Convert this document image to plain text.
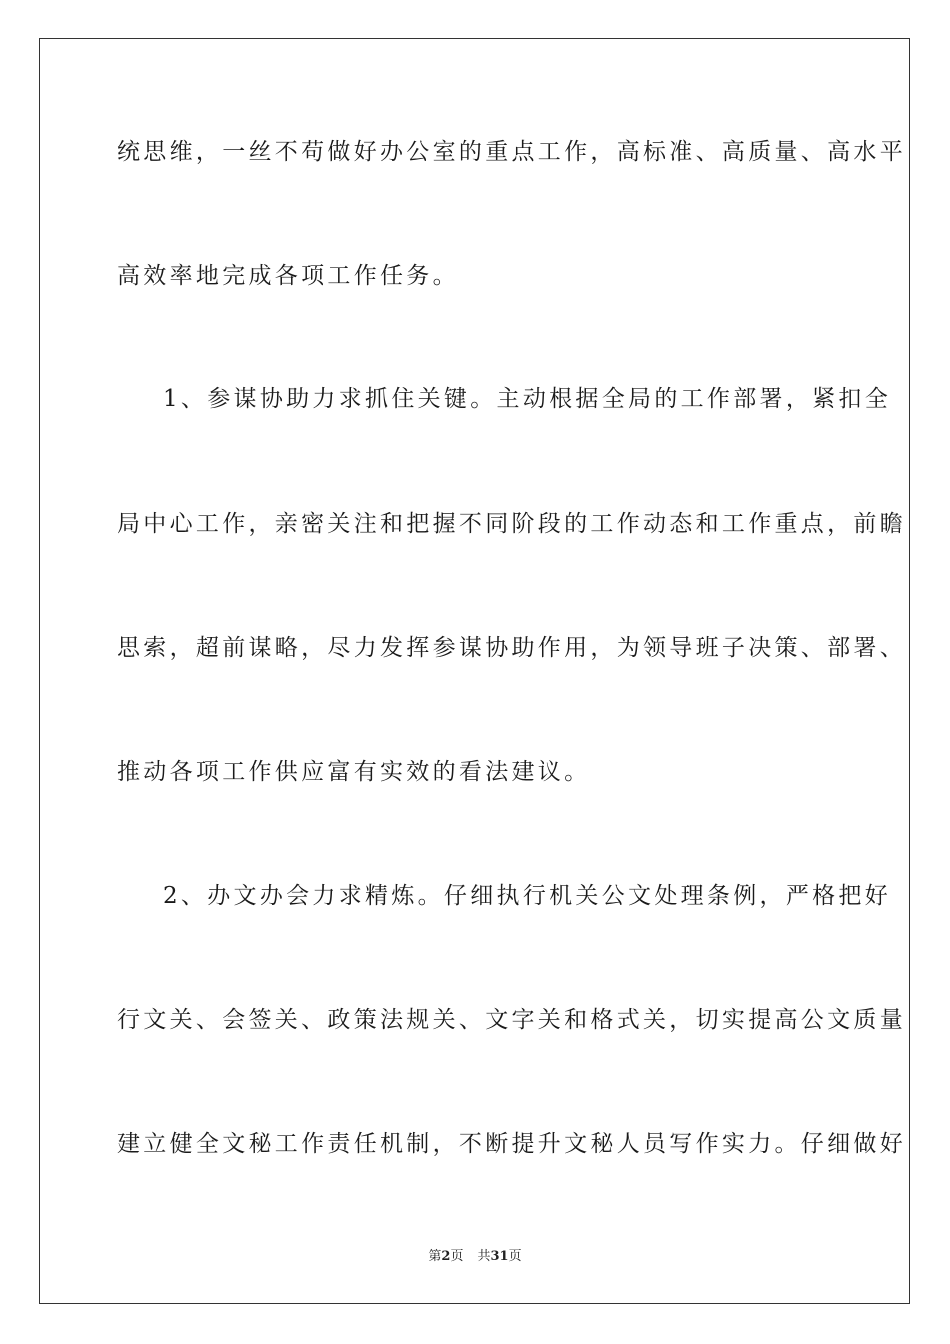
统思维，一丝不苟做好办公室的重点工作，高标准、高质量、高水平
高效率地完成各项工作任务。
1、参谋协助力求抓住关键。主动根据全局的工作部署，紧扣全
局中心工作，亲密关注和把握不同阶段的工作动态和工作重点，前瞻
思索，超前谋略，尽力发挥参谋协助作用，为领导班子决策、部署、
推动各项工作供应富有实效的看法建议。
2、办文办会力求精炼。仔细执行机关公文处理条例，严格把好
行文关、会签关、政策法规关、文字关和格式关，切实提高公文质量
建立健全文秘工作责任机制，不断提升文秘人员写作实力。仔细做好
第2页 共31页
